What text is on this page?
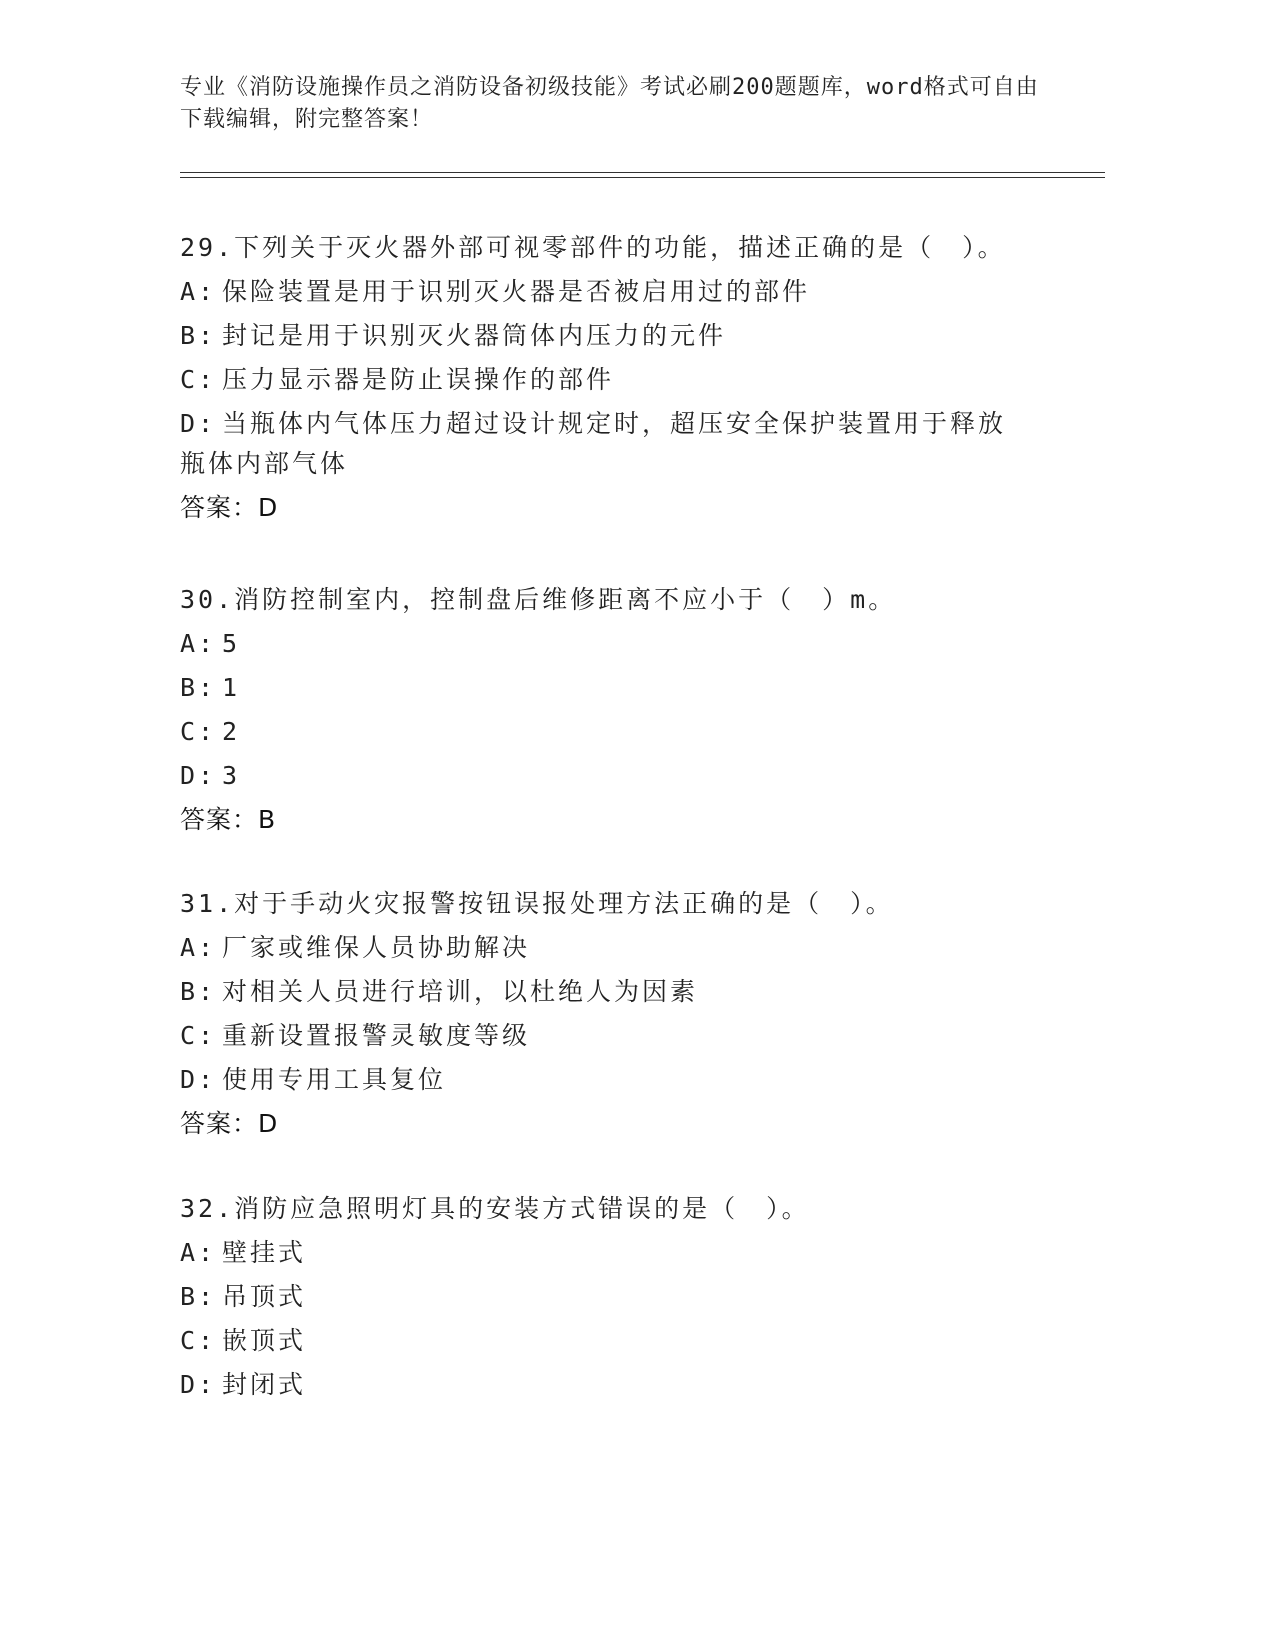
专业《消防设施操作员之消防设备初级技能》考试必刷200题题库，word格式可自由下载编辑，附完整答案！
29.下列关于灭火器外部可视零部件的功能，描述正确的是（　）。
A: 保险装置是用于识别灭火器是否被启用过的部件
B: 封记是用于识别灭火器筒体内压力的元件
C: 压力显示器是防止误操作的部件
D: 当瓶体内气体压力超过设计规定时，超压安全保护装置用于释放瓶体内部气体
答案：D
30.消防控制室内，控制盘后维修距离不应小于（　）m。
A: 5
B: 1
C: 2
D: 3
答案：B
31.对于手动火灾报警按钮误报处理方法正确的是（　）。
A: 厂家或维保人员协助解决
B: 对相关人员进行培训，以杜绝人为因素
C: 重新设置报警灵敏度等级
D: 使用专用工具复位
答案：D
32.消防应急照明灯具的安装方式错误的是（　）。
A: 壁挂式
B: 吊顶式
C: 嵌顶式
D: 封闭式
